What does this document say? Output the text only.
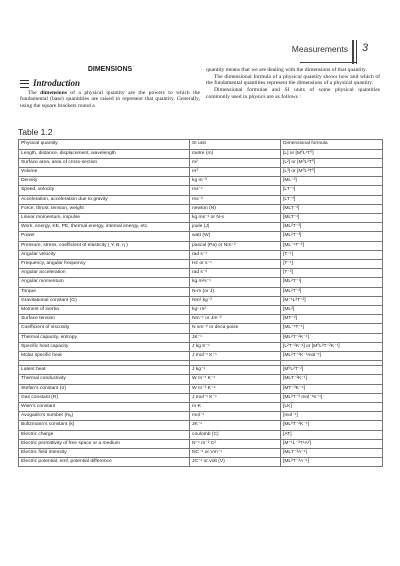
Measurements 3
DIMENSIONS
Introduction

The dimensions of a physical quantity are the powers to which the fundamental (base) quanitities are raised to represent that quantity. Generally, using the square brackets round a

quantity means that we are dealing with the dimensions of that quantity.

The dimensional formula of a physical quantity shows how and which of the fundamental quantities represent the dimensions of a physical quantity.

Dimensional formulae and SI units of some physical quantities commonly used in physics are as follows :

Table 1.2
Physical quantity	SI unit	Dimensional formula
Length, distance, displacement, wavelength	metre (m)	[L] or [M⁰L¹T⁰]
Surface area, area of cross-section	m²	[L²] or [M⁰L²T⁰]
Volume	m³	[L³] or [M⁰L³T⁰]
Density	kg m⁻³	[ML⁻³]
Speed, velocity	ms⁻¹	[LT⁻¹]
Acceleration, acceleration due to gravity	ms⁻²	[LT⁻²]
Force, thrust, tension, weight	newton (N)	[MLT⁻²]
Linear momentum, impulse	kg ms⁻¹ or N-s	[MLT⁻¹]
Work, energy, KE, PE, thermal energy, internal energy, etc.	joule (J)	[ML²T⁻²]
Power	watt (W)	[ML²T⁻³]
Pressure, stress, coefficient of elasticity ( Y, B, η )	pascal (Pa) or Nm⁻²	[ML⁻¹T⁻²]
Angular velocity	rad s⁻¹	[T⁻¹]
Frequency, angular frequency	Hz or s⁻¹	[T⁻¹]
Angular acceleration	rad s⁻²	[T⁻²]
Angular momentum	kg m²s⁻¹	[ML²T⁻¹]
Torque	N-m (or J)	[ML²T⁻²]
Gravitational constant (G)	Nm² kg⁻²	[M⁻¹L³T⁻²]
Moment of inertia	kg- m²	[ML²]
Surface tension	Nm⁻¹ or Jm⁻²	[MT⁻²]
Coefficient of viscosity	N sm⁻² or deca poise	[ML⁻¹T⁻¹]
Thermal capacity, entropy	JK⁻¹	[ML²T⁻²K⁻¹]
Specific heat capacity	J kg K⁻¹	[L²T⁻²K⁻¹] or [M⁰L²T⁻²K⁻¹]
Molar specific heat	J mol⁻¹ K⁻¹	[ML²T⁻²K⁻¹mol⁻¹]

Latent heat	J kg⁻¹	[M⁰L²T⁻²]
Thermal conductivity	W m⁻¹ K⁻¹	[MLT⁻³K⁻¹]
Stefan's constant (σ)	W m⁻² K⁻⁴	[MT⁻³K⁻⁴]
Gas constant (R)	J mol⁻¹ K⁻¹	[ML²T⁻² mol⁻¹K⁻¹]
Wien's constant	m-K	[LK]
Avogadro's number (Nₐ)	mol⁻¹	[mol⁻¹]
Boltzmann's constant (k)	JK⁻¹	[ML²T⁻²K⁻¹]
Electric charge	coulomb (C)	[AT]
Electric permittivity of free space or a medium	N⁻¹ m⁻² C²	[M⁻¹L⁻³T⁴A²]
Electric field intensity	NC⁻¹ or Vm⁻¹	[MLT⁻³A⁻¹]
Electric potential, emf, potential difference	JC⁻¹ or volt (V)	[ML²T⁻³A⁻¹]
